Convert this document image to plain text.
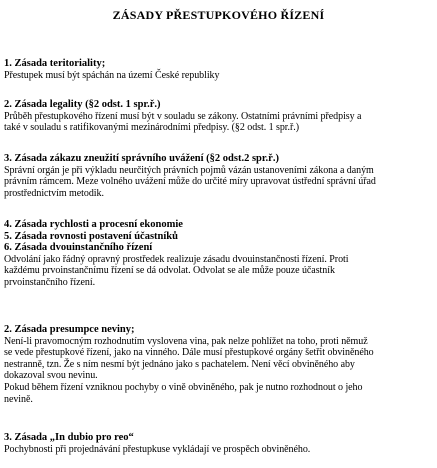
ZÁSADY PŘESTUPKOVÉHO ŘÍZENÍ

1. Zásada teritoriality;

Přestupek musí být spáchán na území České republiky

2. Zásada legality (§2 odst. 1 spr.ř.)

Průběh přestupkového řízení musí být v souladu se zákony. Ostatními právními předpisy a
také v souladu s ratifikovanými mezinárodními předpisy. (§2 odst. 1 spr.ř.)

3. Zásada zákazu zneužití správního uvážení (§2 odst.2 spr.ř.)

Správní orgán je při výkladu neurčitých právních pojmů vázán ustanoveními zákona a daným
právním rámcem. Meze volného uvážení může do určité míry upravovat ústřední správní úřad
prostřednictvím metodik.

4. Zásada rychlosti a procesní ekonomie

5. Zásada rovnosti postavení účastníků

6. Zásada dvouinstančního řízení

Odvolání jako řádný opravný prostředek realizuje zásadu dvouinstančnosti řízení. Proti
každému prvoinstančnímu řízení se dá odvolat. Odvolat se ale může pouze účastník
prvoinstančního řízení.

2. Zásada presumpce neviny;

Není-li pravomocným rozhodnutím vyslovena vina, pak nelze pohlížet na toho, proti němuž
se vede přestupkové řízení, jako na vinného. Dále musí přestupkové orgány šetřit obviněného
nestranně, tzn. Že s ním nesmí být jednáno jako s pachatelem. Není věcí obviněného aby
dokazoval svou nevinu.
Pokud během řízení vzniknou pochyby o vině obviněného, pak je nutno rozhodnout o jeho
nevině.

3. Zásada „In dubio pro reo“

Pochybnosti při projednávání přestupkuse vykládají ve prospěch obviněného.
